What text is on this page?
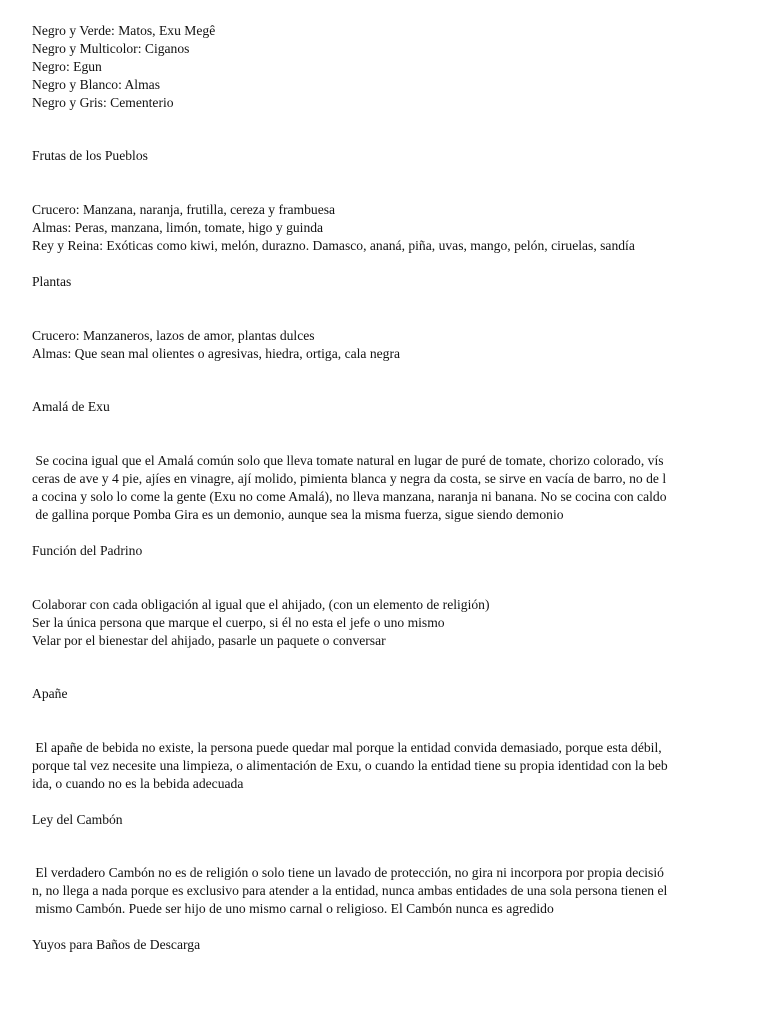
Negro y Verde: Matos, Exu Megê
Negro y Multicolor: Ciganos
Negro: Egun
Negro y Blanco: Almas
Negro y Gris: Cementerio
Frutas de los Pueblos
Crucero: Manzana, naranja, frutilla, cereza y frambuesa
Almas: Peras, manzana, limón, tomate, higo y guinda
Rey y Reina: Exóticas como kiwi, melón, durazno. Damasco, ananá, piña, uvas, mango, pelón, ciruelas, sandía
Plantas
Crucero: Manzaneros, lazos de amor, plantas dulces
Almas: Que sean mal olientes o agresivas, hiedra, ortiga, cala negra
Amalá de Exu
Se cocina igual que el Amalá común solo que lleva tomate natural en lugar de puré de tomate, chorizo colorado, vís
ceras de ave y 4 pie, ajíes en vinagre, ají molido, pimienta blanca y negra da costa, se sirve en vacía de barro, no de l
a cocina y solo lo come la gente (Exu no come Amalá), no lleva manzana, naranja ni banana. No se cocina con caldo
de gallina porque Pomba Gira es un demonio, aunque sea la misma fuerza, sigue siendo demonio
Función del Padrino
Colaborar con cada obligación al igual que el ahijado, (con un elemento de religión)
Ser la única persona que marque el cuerpo, si él no esta el jefe o uno mismo
Velar por el bienestar del ahijado, pasarle un paquete o conversar
Apañe
El apañe de bebida no existe, la persona puede quedar mal porque la entidad convida demasiado, porque esta débil,
porque tal vez necesite una limpieza, o alimentación de Exu, o cuando la entidad tiene su propia identidad con la beb
ida, o cuando no es la bebida adecuada
Ley del Cambón
El verdadero Cambón no es de religión o solo tiene un lavado de protección, no gira ni incorpora por propia decisió
n, no llega a nada porque es exclusivo para atender a la entidad, nunca ambas entidades de una sola persona tienen el
mismo Cambón. Puede ser hijo de uno mismo carnal o religioso. El Cambón nunca es agredido
Yuyos para Baños de Descarga
